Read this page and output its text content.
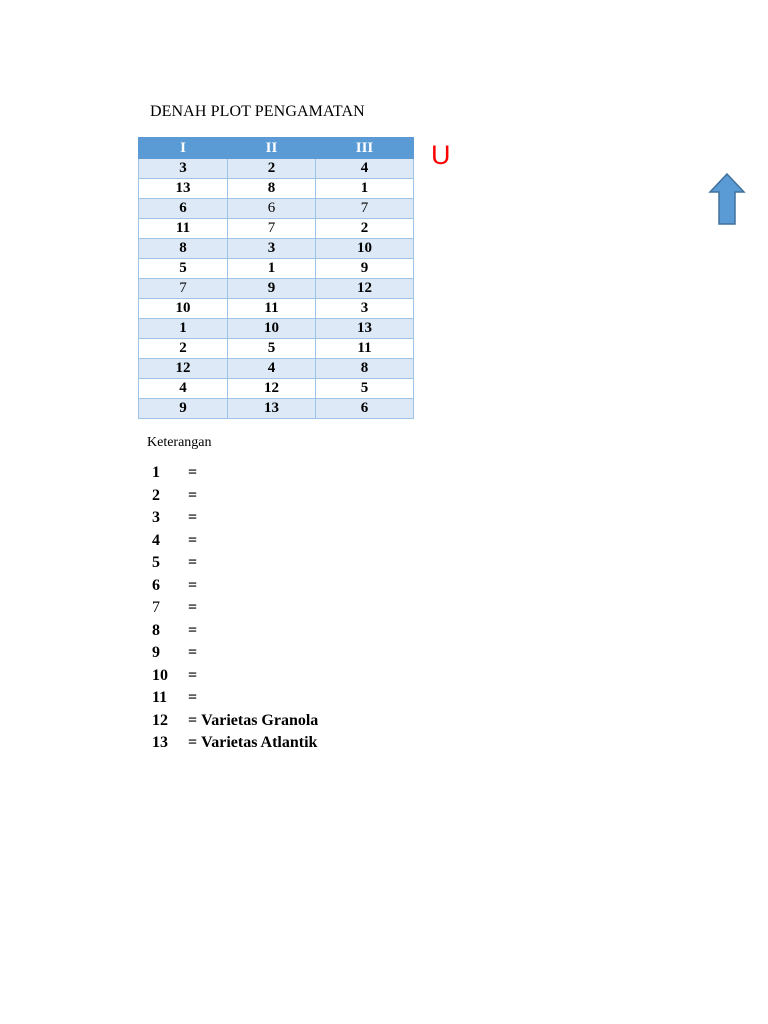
DENAH PLOT PENGAMATAN
I	II	III
3	2	4
13	8	1
6	6	7
11	7	2
8	3	10
5	1	9
7	9	12
10	11	3
1	10	13
2	5	11
12	4	8
4	12	5
9	13	6
U
Keterangan
1 =
2 =
3 =
4 =
5 =
6 =
7 =
8 =
9 =
10 =
11 =
12 = Varietas Granola
13 = Varietas Atlantik
